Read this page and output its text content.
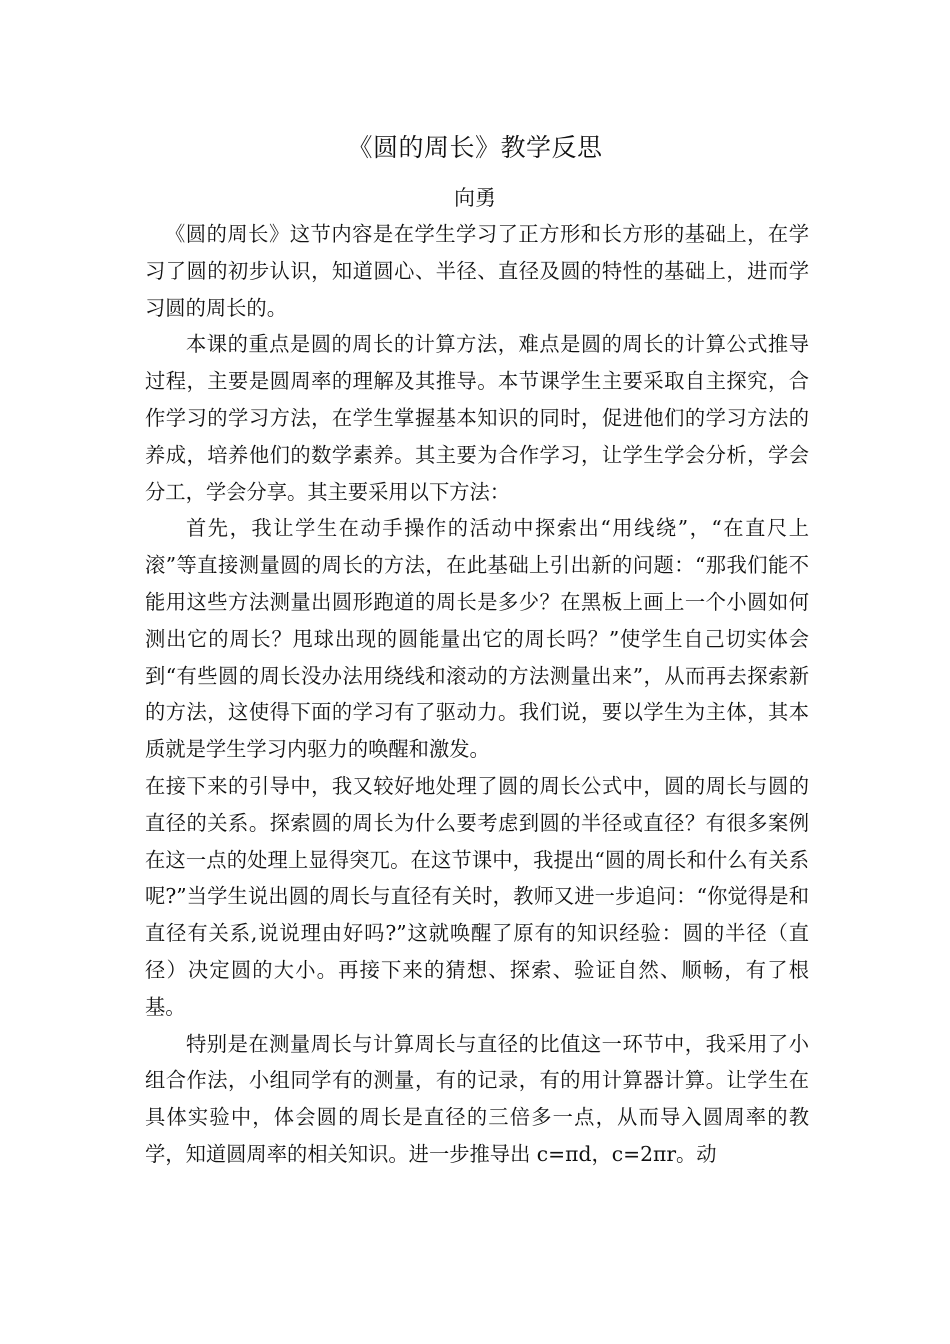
《圆的周长》教学反思
向勇

《圆的周长》这节内容是在学生学习了正方形和长方形的基础上，在学习了圆的初步认识，知道圆心、半径、直径及圆的特性的基础上，进而学习圆的周长的。

本课的重点是圆的周长的计算方法，难点是圆的周长的计算公式推导过程，主要是圆周率的理解及其推导。本节课学生主要采取自主探究，合作学习的学习方法，在学生掌握基本知识的同时，促进他们的学习方法的养成，培养他们的数学素养。其主要为合作学习，让学生学会分析，学会分工，学会分享。其主要采用以下方法：

首先，我让学生在动手操作的活动中探索出“用线绕”，“在直尺上滚”等直接测量圆的周长的方法，在此基础上引出新的问题：“那我们能不能用这些方法测量出圆形跑道的周长是多少？在黑板上画上一个小圆如何测出它的周长？甩球出现的圆能量出它的周长吗？”使学生自己切实体会到“有些圆的周长没办法用绕线和滚动的方法测量出来”，从而再去探索新的方法，这使得下面的学习有了驱动力。我们说，要以学生为主体，其本质就是学生学习内驱力的唤醒和激发。

在接下来的引导中，我又较好地处理了圆的周长公式中，圆的周长与圆的直径的关系。探索圆的周长为什么要考虑到圆的半径或直径？有很多案例在这一点的处理上显得突兀。在这节课中，我提出“圆的周长和什么有关系呢?”当学生说出圆的周长与直径有关时，教师又进一步追问：“你觉得是和直径有关系,说说理由好吗?”这就唤醒了原有的知识经验：圆的半径（直径）决定圆的大小。再接下来的猜想、探索、验证自然、顺畅，有了根基。

特别是在测量周长与计算周长与直径的比值这一环节中，我采用了小组合作法，小组同学有的测量，有的记录，有的用计算器计算。让学生在具体实验中，体会圆的周长是直径的三倍多一点，从而导入圆周率的教学，知道圆周率的相关知识。进一步推导出 c=πd，c=2πr。动
